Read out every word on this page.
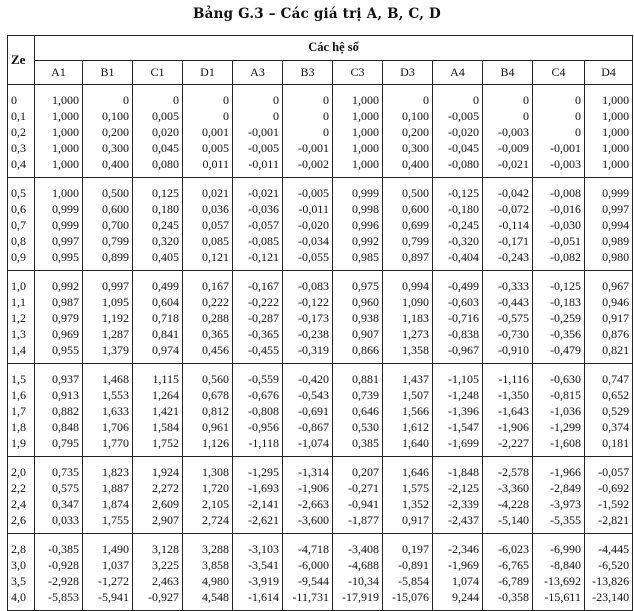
Bảng G.3 – Các giá trị A, B, C, D
Ze	Các hệ số											
	A1	B1	C1	D1	A3	B3	C3	D3	A4	B4	C4	D4
0	1,000	0	0	0	0	0	1,000	0	0	0	0	1,000
0,1	1,000	0,100	0,005	0	0	0	1,000	0,100	-0,005	0	0	1,000
0,2	1,000	0,200	0,020	0,001	-0,001	0	1,000	0,200	-0,020	-0,003	0	1,000
0,3	1,000	0,300	0,045	0,005	-0,005	-0,001	1,000	0,300	-0,045	-0,009	-0,001	1,000
0,4	1,000	0,400	0,080	0,011	-0,011	-0,002	1,000	0,400	-0,080	-0,021	-0,003	1,000
0,5	1,000	0,500	0,125	0,021	-0,021	-0,005	0,999	0,500	-0,125	-0,042	-0,008	0,999
0,6	0,999	0,600	0,180	0,036	-0,036	-0,011	0,998	0,600	-0,180	-0,072	-0,016	0,997
0,7	0,999	0,700	0,245	0,057	-0,057	-0,020	0,996	0,699	-0,245	-0,114	-0,030	0,994
0,8	0,997	0,799	0,320	0,085	-0,085	-0,034	0,992	0,799	-0,320	-0,171	-0,051	0,989
0,9	0,995	0,899	0,405	0,121	-0,121	-0,055	0,985	0,897	-0,404	-0,243	-0,082	0,980
1,0	0,992	0,997	0,499	0,167	-0,167	-0,083	0,975	0,994	-0,499	-0,333	-0,125	0,967
1,1	0,987	1,095	0,604	0,222	-0,222	-0,122	0,960	1,090	-0,603	-0,443	-0,183	0,946
1,2	0,979	1,192	0,718	0,288	-0,287	-0,173	0,938	1,183	-0,716	-0,575	-0,259	0,917
1,3	0,969	1,287	0,841	0,365	-0,365	-0,238	0,907	1,273	-0,838	-0,730	-0,356	0,876
1,4	0,955	1,379	0,974	0,456	-0,455	-0,319	0,866	1,358	-0,967	-0,910	-0,479	0,821
1,5	0,937	1,468	1,115	0,560	-0,559	-0,420	0,881	1,437	-1,105	-1,116	-0,630	0,747
1,6	0,913	1,553	1,264	0,678	-0,676	-0,543	0,739	1,507	-1,248	-1,350	-0,815	0,652
1,7	0,882	1,633	1,421	0,812	-0,808	-0,691	0,646	1,566	-1,396	-1,643	-1,036	0,529
1,8	0,848	1,706	1,584	0,961	-0,956	-0,867	0,530	1,612	-1,547	-1,906	-1,299	0,374
1,9	0,795	1,770	1,752	1,126	-1,118	-1,074	0,385	1,640	-1,699	-2,227	-1,608	0,181
2,0	0,735	1,823	1,924	1,308	-1,295	-1,314	0,207	1,646	-1,848	-2,578	-1,966	-0,057
2,2	0,575	1,887	2,272	1,720	-1,693	-1,906	-0,271	1,575	-2,125	-3,360	-2,849	-0,692
2,4	0,347	1,874	2,609	2,105	-2,141	-2,663	-0,941	1,352	-2,339	-4,228	-3,973	-1,592
2,6	0,033	1,755	2,907	2,724	-2,621	-3,600	-1,877	0,917	-2,437	-5,140	-5,355	-2,821
2,8	-0,385	1,490	3,128	3,288	-3,103	-4,718	-3,408	0,197	-2,346	-6,023	-6,990	-4,445
3,0	-0,928	1,037	3,225	3,858	-3,541	-6,000	-4,688	-0,891	-1,969	-6,765	-8,840	-6,520
3,5	-2,928	-1,272	2,463	4,980	-3,919	-9,544	-10,34	-5,854	1,074	-6,789	-13,692	-13,826
4,0	-5,853	-5,941	-0,927	4,548	-1,614	-11,731	-17,919	-15,076	9,244	-0,358	-15,611	-23,140
